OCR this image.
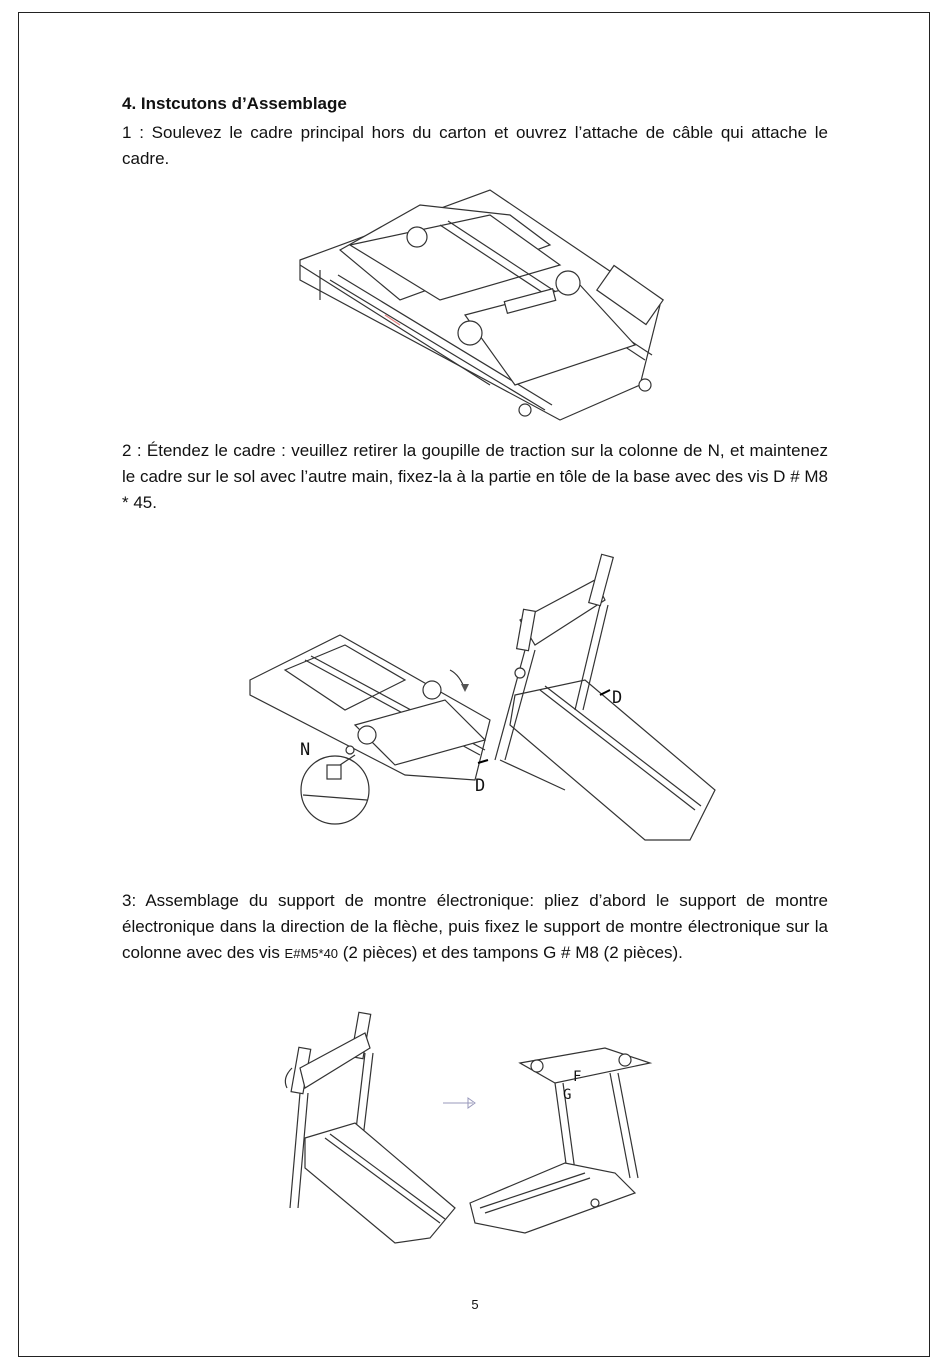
4. Instcutons d’Assemblage
1 : Soulevez le cadre principal hors du carton et ouvrez l’attache de câble qui attache le cadre.
2 : Étendez le cadre : veuillez retirer la goupille de traction sur la colonne de N, et maintenez le cadre sur le sol avec l’autre main, fixez-la à la partie en tôle de la base avec des vis D # M8 * 45.
D
D
N
3: Assemblage du support de montre électronique: pliez d’abord le support de montre électronique dans la direction de la flèche, puis fixez le support de montre électronique sur la colonne avec des vis E#M5*40 (2 pièces) et des tampons G # M8 (2 pièces).
F
G
5
